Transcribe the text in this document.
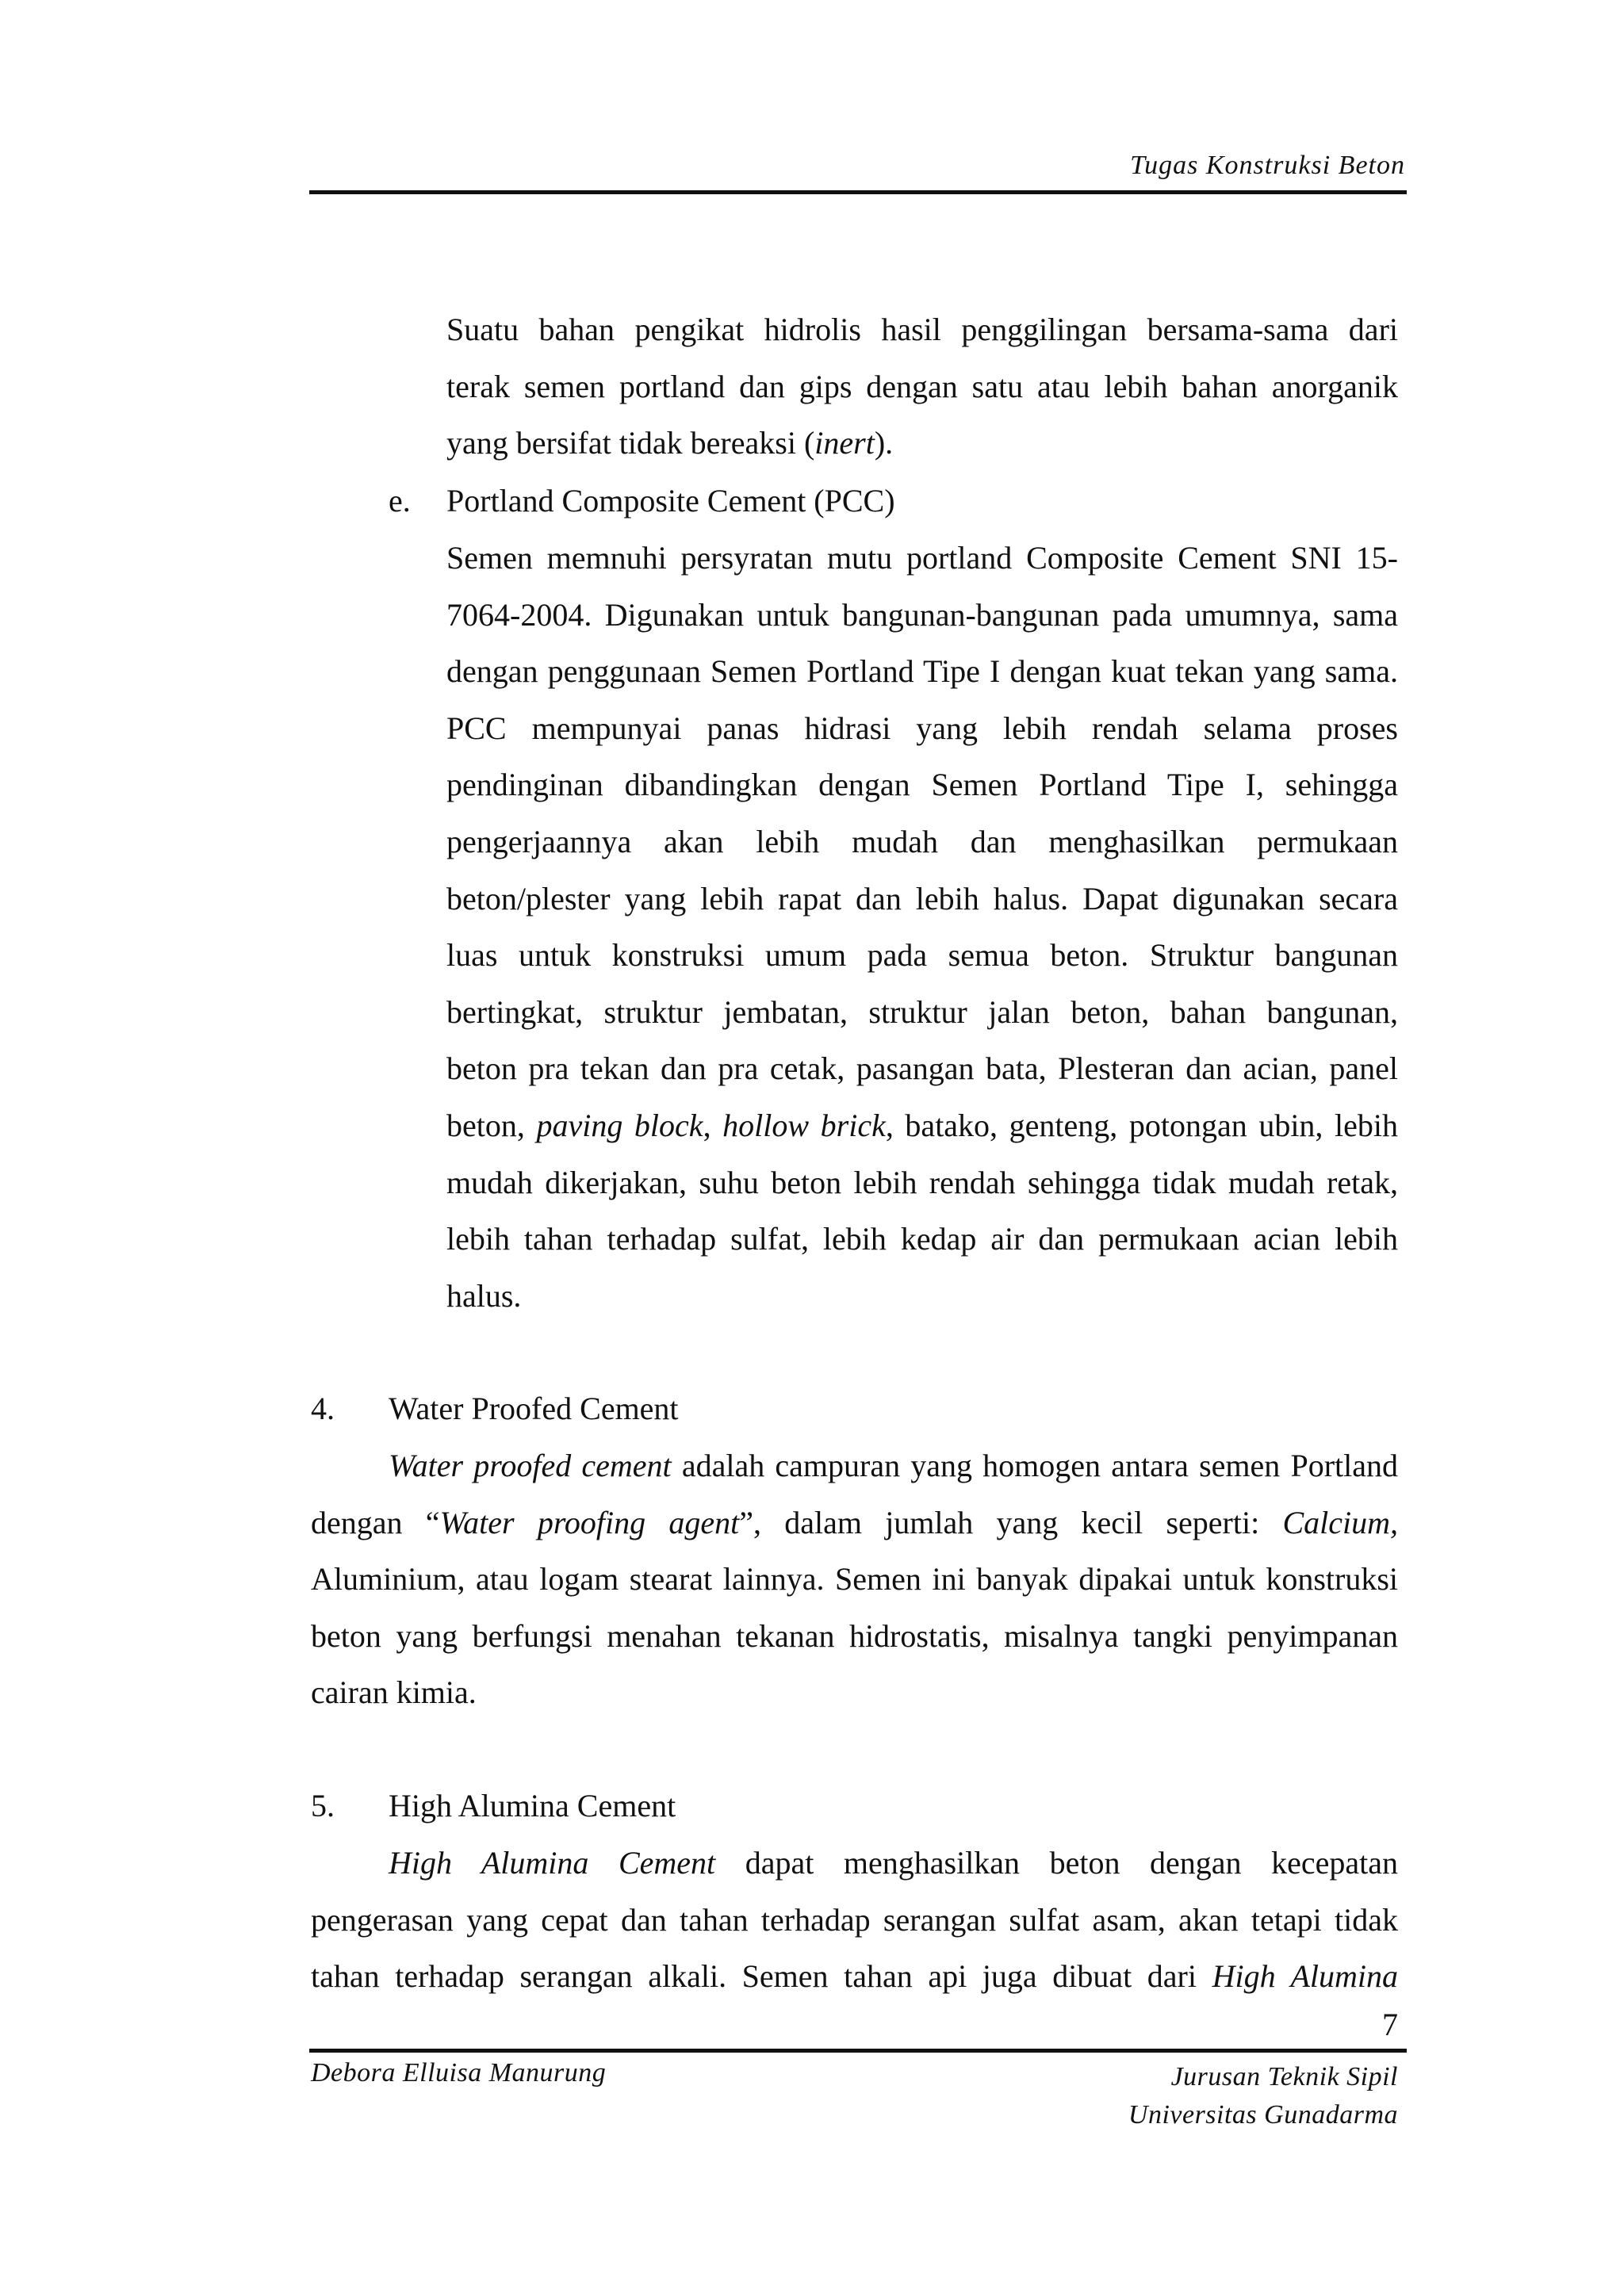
Tugas Konstruksi Beton
Suatu bahan pengikat hidrolis hasil penggilingan bersama-sama dari
terak semen portland dan gips dengan satu atau lebih bahan anorganik
yang bersifat tidak bereaksi (inert).
e. Portland Composite Cement (PCC)
Semen memnuhi persyratan mutu portland Composite Cement SNI 15-
7064-2004. Digunakan untuk bangunan-bangunan pada umumnya, sama
dengan penggunaan Semen Portland Tipe I dengan kuat tekan yang sama.
PCC mempunyai panas hidrasi yang lebih rendah selama proses
pendinginan dibandingkan dengan Semen Portland Tipe I, sehingga
pengerjaannya akan lebih mudah dan menghasilkan permukaan
beton/plester yang lebih rapat dan lebih halus. Dapat digunakan secara
luas untuk konstruksi umum pada semua beton. Struktur bangunan
bertingkat, struktur jembatan, struktur jalan beton, bahan bangunan,
beton pra tekan dan pra cetak, pasangan bata, Plesteran dan acian, panel
beton, paving block, hollow brick, batako, genteng, potongan ubin, lebih
mudah dikerjakan, suhu beton lebih rendah sehingga tidak mudah retak,
lebih tahan terhadap sulfat, lebih kedap air dan permukaan acian lebih
halus.
4. Water Proofed Cement
Water proofed cement adalah campuran yang homogen antara semen Portland
dengan “Water proofing agent”, dalam jumlah yang kecil seperti: Calcium,
Aluminium, atau logam stearat lainnya. Semen ini banyak dipakai untuk konstruksi
beton yang berfungsi menahan tekanan hidrostatis, misalnya tangki penyimpanan
cairan kimia.
5. High Alumina Cement
High Alumina Cement dapat menghasilkan beton dengan kecepatan
pengerasan yang cepat dan tahan terhadap serangan sulfat asam, akan tetapi tidak
tahan terhadap serangan alkali. Semen tahan api juga dibuat dari High Alumina
7
Debora Elluisa Manurung	Jurusan Teknik Sipil
Universitas Gunadarma
